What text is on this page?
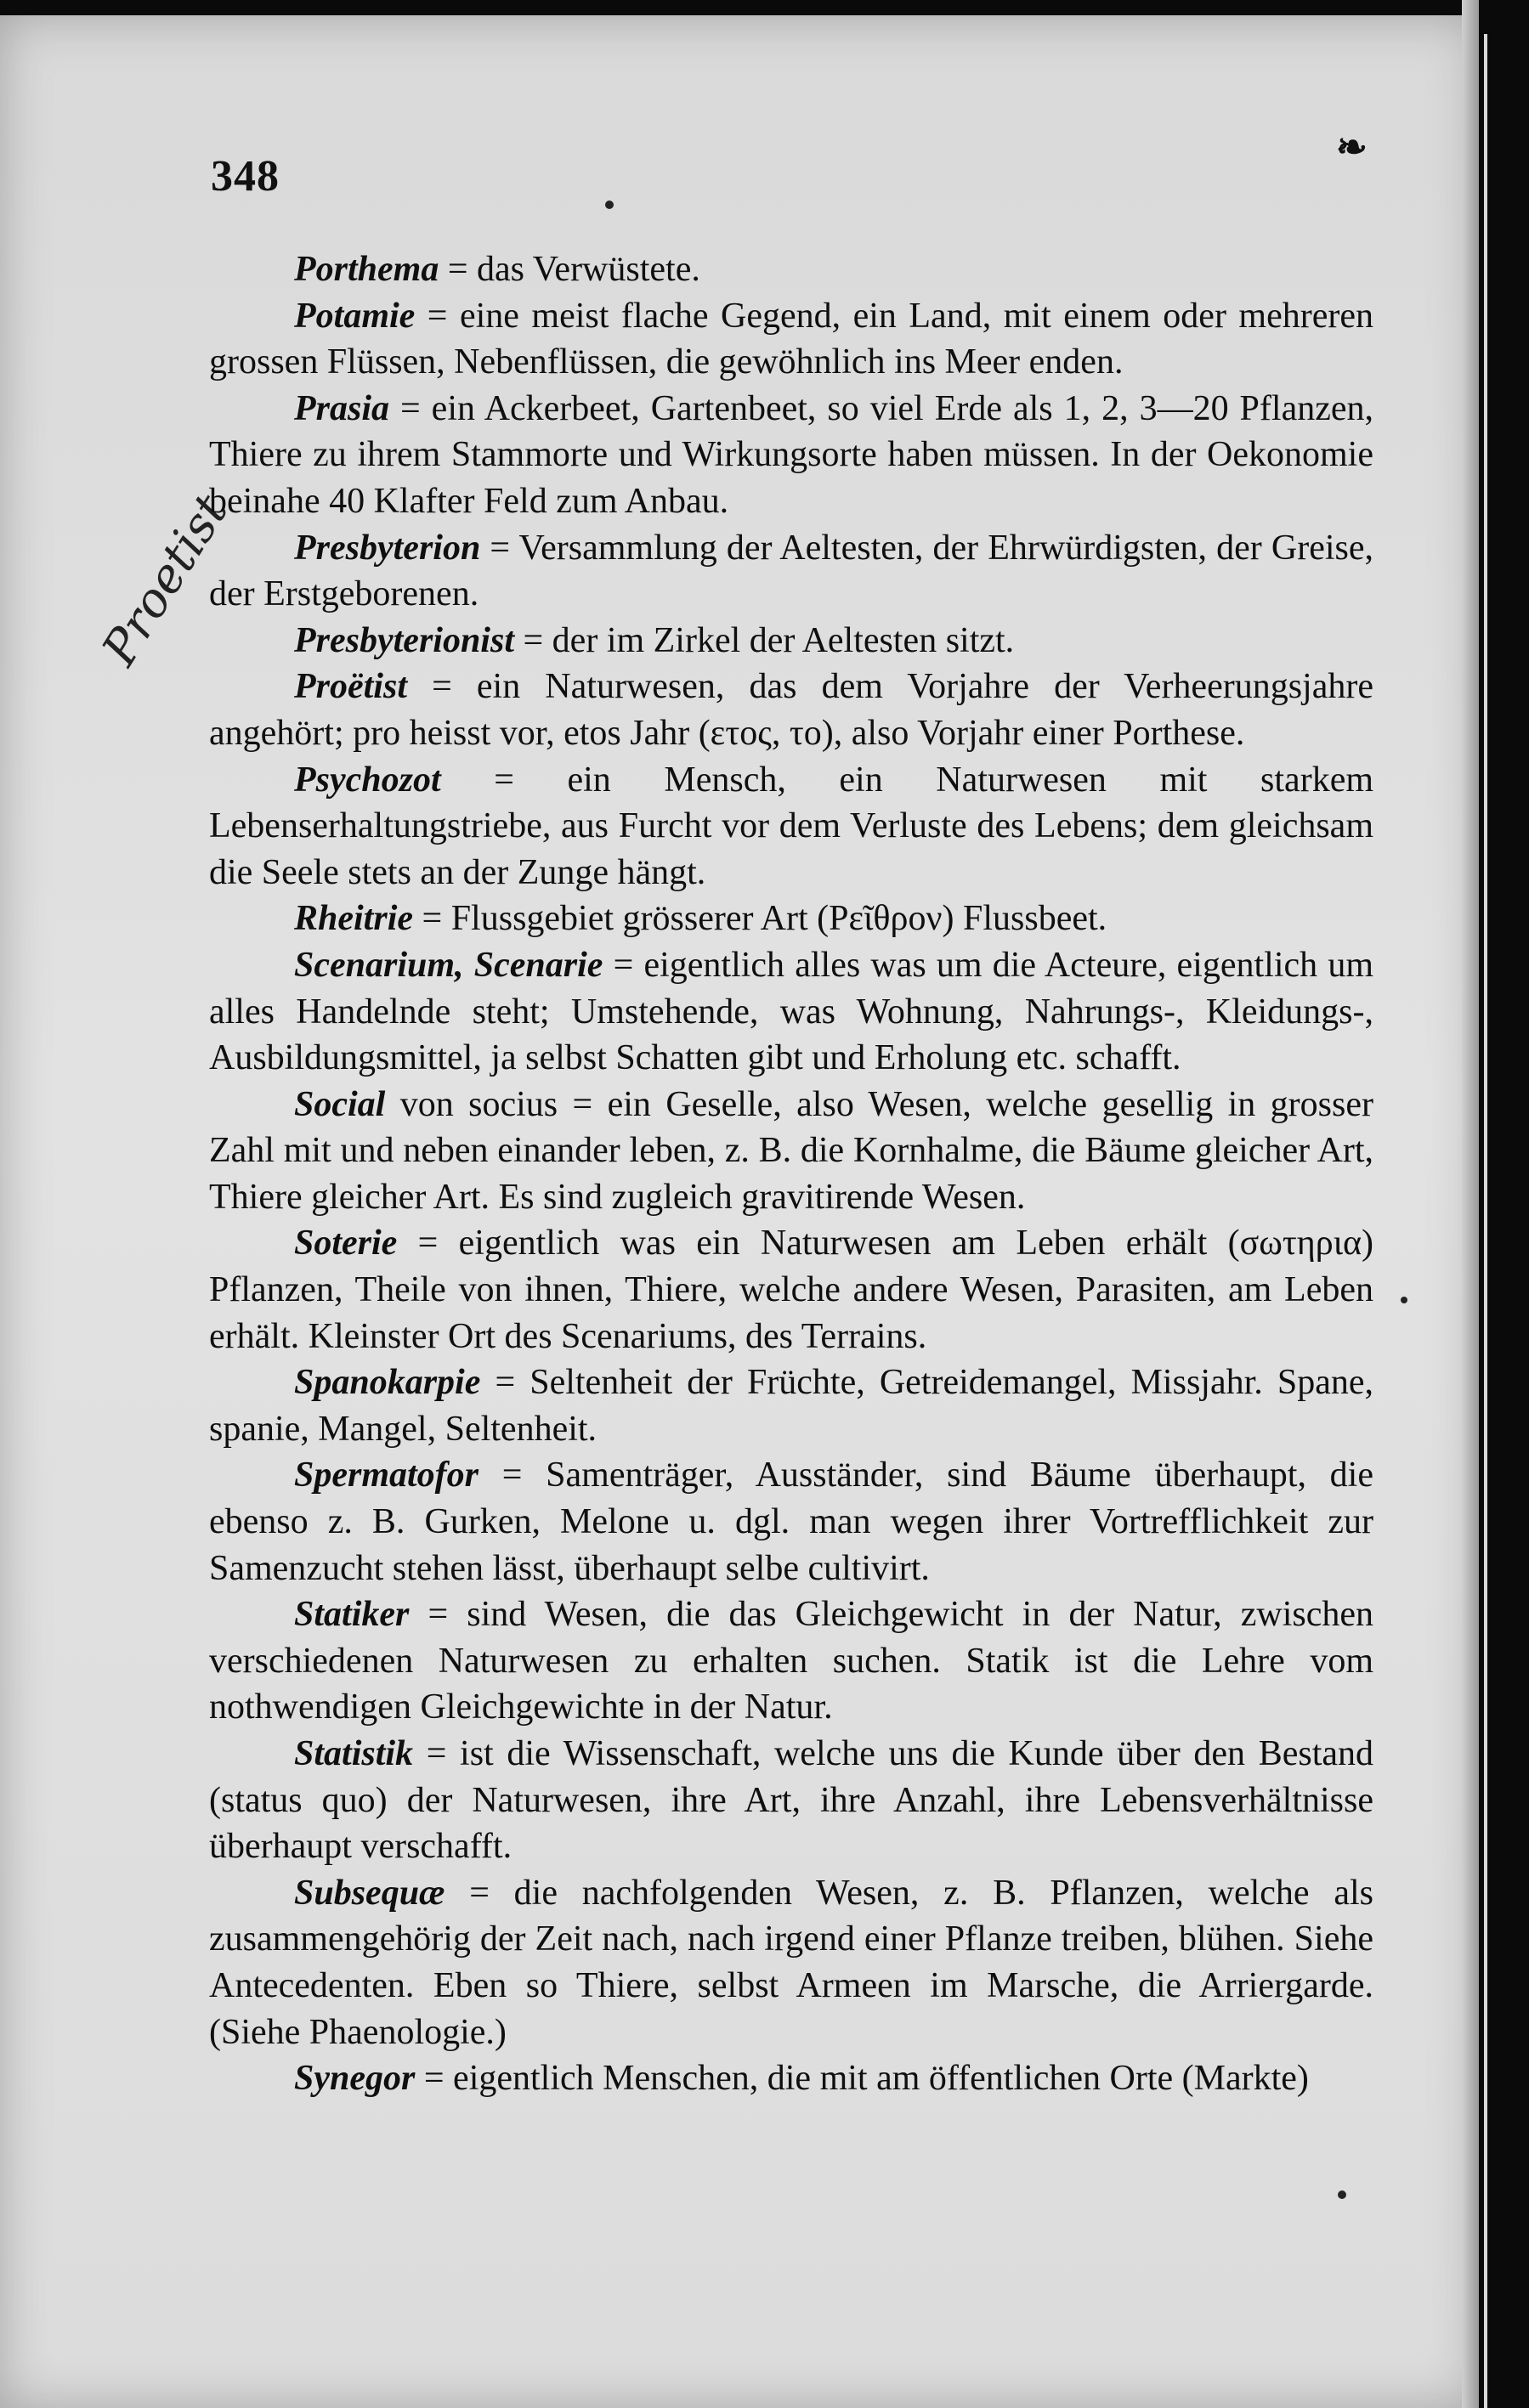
348
❧
Proetist

Porthema = das Verwüstete.

Potamie = eine meist flache Gegend, ein Land, mit einem oder mehreren grossen Flüssen, Nebenflüssen, die gewöhnlich ins Meer enden.

Prasia = ein Ackerbeet, Gartenbeet, so viel Erde als 1, 2, 3—20 Pflanzen, Thiere zu ihrem Stammorte und Wirkungsorte haben müssen. In der Oekonomie beinahe 40 Klafter Feld zum Anbau.

Presbyterion = Versammlung der Aeltesten, der Ehrwürdigsten, der Greise, der Erstgeborenen.

Presbyterionist = der im Zirkel der Aeltesten sitzt.

Proëtist = ein Naturwesen, das dem Vorjahre der Verheerungsjahre angehört; pro heisst vor, etos Jahr (ετος, το), also Vorjahr einer Porthese.

Psychozot = ein Mensch, ein Naturwesen mit starkem Lebenserhaltungstriebe, aus Furcht vor dem Verluste des Lebens; dem gleichsam die Seele stets an der Zunge hängt.

Rheitrie = Flussgebiet grösserer Art (Ρεῖθρον) Flussbeet.

Scenarium, Scenarie = eigentlich alles was um die Acteure, eigentlich um alles Handelnde steht; Umstehende, was Wohnung, Nahrungs-, Kleidungs-, Ausbildungsmittel, ja selbst Schatten gibt und Erholung etc. schafft.

Social von socius = ein Geselle, also Wesen, welche gesellig in grosser Zahl mit und neben einander leben, z. B. die Kornhalme, die Bäume gleicher Art, Thiere gleicher Art. Es sind zugleich gravitirende Wesen.

Soterie = eigentlich was ein Naturwesen am Leben erhält (σωτηρια) Pflanzen, Theile von ihnen, Thiere, welche andere Wesen, Parasiten, am Leben erhält. Kleinster Ort des Scenariums, des Terrains.

Spanokarpie = Seltenheit der Früchte, Getreidemangel, Missjahr. Spane, spanie, Mangel, Seltenheit.

Spermatofor = Samenträger, Ausständer, sind Bäume überhaupt, die ebenso z. B. Gurken, Melone u. dgl. man wegen ihrer Vortrefflichkeit zur Samenzucht stehen lässt, überhaupt selbe cultivirt.

Statiker = sind Wesen, die das Gleichgewicht in der Natur, zwischen verschiedenen Naturwesen zu erhalten suchen. Statik ist die Lehre vom nothwendigen Gleichgewichte in der Natur.

Statistik = ist die Wissenschaft, welche uns die Kunde über den Bestand (status quo) der Naturwesen, ihre Art, ihre Anzahl, ihre Lebensverhältnisse überhaupt verschafft.

Subsequæ = die nachfolgenden Wesen, z. B. Pflanzen, welche als zusammengehörig der Zeit nach, nach irgend einer Pflanze treiben, blühen. Siehe Antecedenten. Eben so Thiere, selbst Armeen im Marsche, die Arriergarde. (Siehe Phaenologie.)

Synegor = eigentlich Menschen, die mit am öffentlichen Orte (Markte)
